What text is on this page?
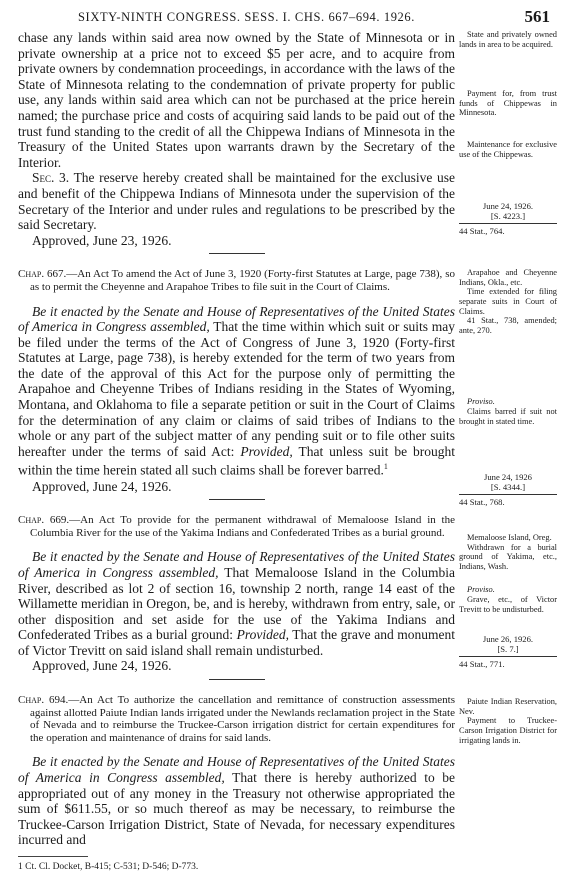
SIXTY-NINTH CONGRESS. SESS. I. CHS. 667–694. 1926.	561

chase any lands within said area now owned by the State of Minnesota or in private ownership at a price not to exceed $5 per acre, and to acquire from private owners by condemnation proceedings, in accordance with the laws of the State of Minnesota relating to the condemnation of private property for public use, any lands within said area which can not be purchased at the price herein named; the purchase price and costs of acquiring said lands to be paid out of the trust fund standing to the credit of all the Chippewa Indians of Minnesota in the Treasury of the United States upon warrants drawn by the Secretary of the Interior.

Sec. 3. The reserve hereby created shall be maintained for the exclusive use and benefit of the Chippewa Indians of Minnesota under the supervision of the Secretary of the Interior and under rules and regulations to be prescribed by the said Secretary.

Approved, June 23, 1926.

Chap. 667.—An Act To amend the Act of June 3, 1920 (Forty-first Statutes at Large, page 738), so as to permit the Cheyenne and Arapahoe Tribes to file suit in the Court of Claims.

Be it enacted by the Senate and House of Representatives of the United States of America in Congress assembled, That the time within which suit or suits may be filed under the terms of the Act of Congress of June 3, 1920 (Forty-first Statutes at Large, page 738), is hereby extended for the term of two years from the date of the approval of this Act for the purpose only of permitting the Arapahoe and Cheyenne Tribes of Indians residing in the States of Wyoming, Montana, and Oklahoma to file a separate petition or suit in the Court of Claims for the determination of any claim or claims of said tribes of Indians to the whole or any part of the subject matter of any pending suit or to file other suits hereafter under the terms of said Act: Provided, That unless suit be brought within the time herein stated all such claims shall be forever barred.$^1$

Approved, June 24, 1926.

Chap. 669.—An Act To provide for the permanent withdrawal of Memaloose Island in the Columbia River for the use of the Yakima Indians and Confederated Tribes as a burial ground.

Be it enacted by the Senate and House of Representatives of the United States of America in Congress assembled, That Memaloose Island in the Columbia River, described as lot 2 of section 16, township 2 north, range 14 east of the Willamette meridian in Oregon, be, and is hereby, withdrawn from entry, sale, or other disposition and set aside for the use of the Yakima Indians and Confederated Tribes as a burial ground: Provided, That the grave and monument of Victor Trevitt on said island shall remain undisturbed.

Approved, June 24, 1926.

Chap. 694.—An Act To authorize the cancellation and remittance of construction assessments against allotted Paiute Indian lands irrigated under the Newlands reclamation project in the State of Nevada and to reimburse the Truckee-Carson irrigation district for certain expenditures for the operation and maintenance of drains for said lands.

Be it enacted by the Senate and House of Representatives of the United States of America in Congress assembled, That there is hereby authorized to be appropriated out of any money in the Treasury not otherwise appropriated the sum of $611.55, or so much thereof as may be necessary, to reimburse the Truckee-Carson Irrigation District, State of Nevada, for necessary expenditures incurred and

State and privately owned lands in area to be acquired.

Payment for, from trust funds of Chippewas in Minnesota.

Maintenance for exclusive use of the Chippewas.

June 24, 1926.

[S. 4223.]

44 Stat., 764.

Arapahoe and Cheyenne Indians, Okla., etc.

Time extended for filing separate suits in Court of Claims.

41 Stat., 738, amended; ante, 270.

Proviso.

Claims barred if suit not brought in stated time.

June 24, 1926

[S. 4344.]

44 Stat., 768.

Memaloose Island, Oreg.

Withdrawn for a burial ground of Yakima, etc., Indians, Wash.

Proviso.

Grave, etc., of Victor Trevitt to be undisturbed.

June 26, 1926.

[S. 7.]

44 Stat., 771.

Paiute Indian Reservation, Nev.

Payment to Truckee-Carson Irrigation District for irrigating lands in.

1 Ct. Cl. Docket, B-415; C-531; D-546; D-773.
